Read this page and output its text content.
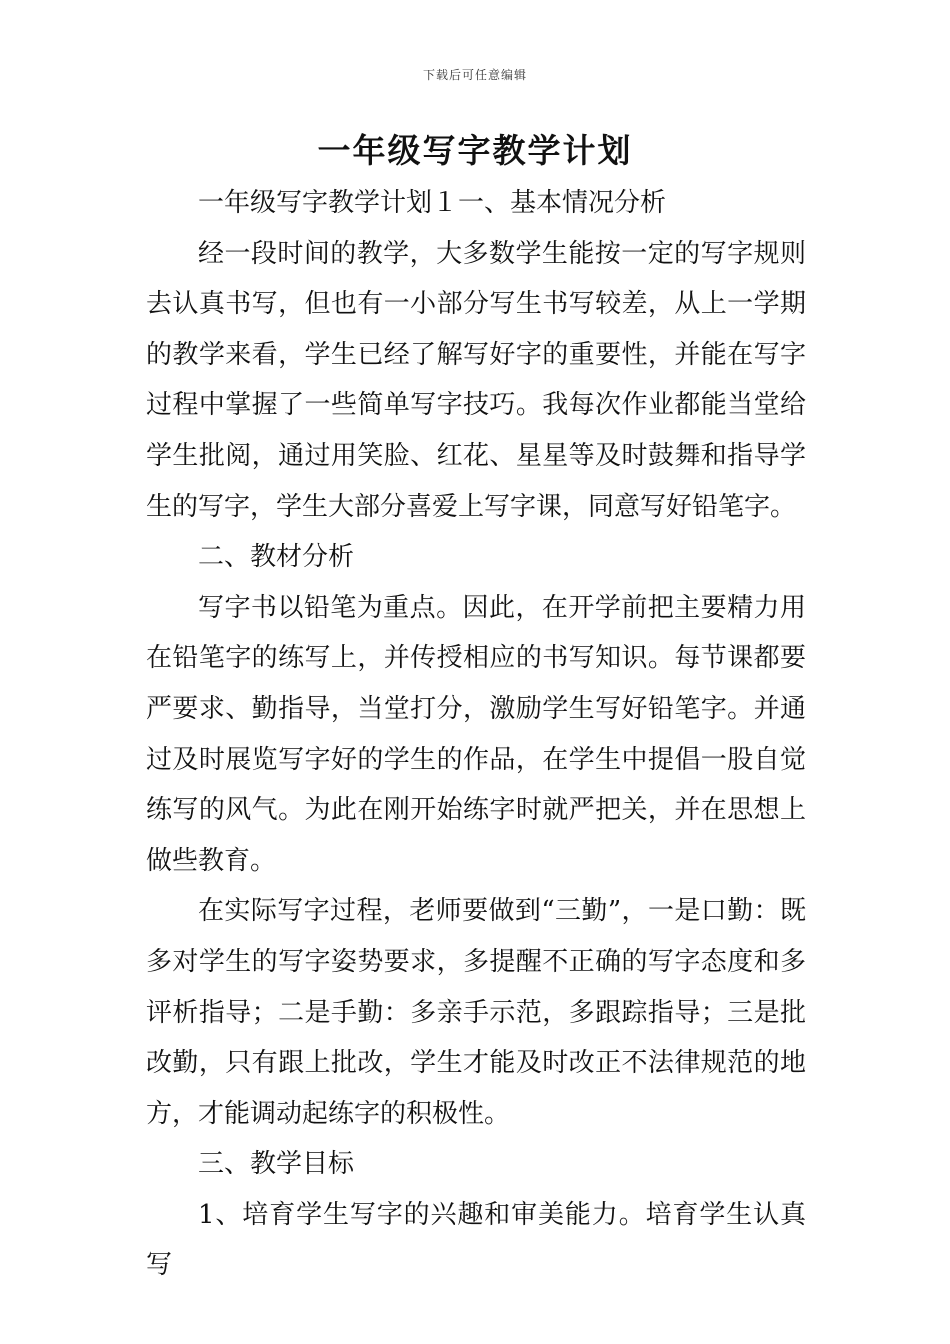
下载后可任意编辑
一年级写字教学计划

一年级写字教学计划１一、基本情况分析

经一段时间的教学，大多数学生能按一定的写字规则去认真书写，但也有一小部分写生书写较差，从上一学期的教学来看，学生已经了解写好字的重要性，并能在写字过程中掌握了一些简单写字技巧。我每次作业都能当堂给学生批阅，通过用笑脸、红花、星星等及时鼓舞和指导学生的写字，学生大部分喜爱上写字课，同意写好铅笔字。

二、教材分析

写字书以铅笔为重点。因此，在开学前把主要精力用在铅笔字的练写上，并传授相应的书写知识。每节课都要严要求、勤指导，当堂打分，激励学生写好铅笔字。并通过及时展览写字好的学生的作品，在学生中提倡一股自觉练写的风气。为此在刚开始练字时就严把关，并在思想上做些教育。

在实际写字过程，老师要做到“三勤”，一是口勤：既多对学生的写字姿势要求，多提醒不正确的写字态度和多评析指导；二是手勤：多亲手示范，多跟踪指导；三是批改勤，只有跟上批改，学生才能及时改正不法律规范的地方，才能调动起练字的积极性。

三、教学目标

1、培育学生写字的兴趣和审美能力。培育学生认真写
